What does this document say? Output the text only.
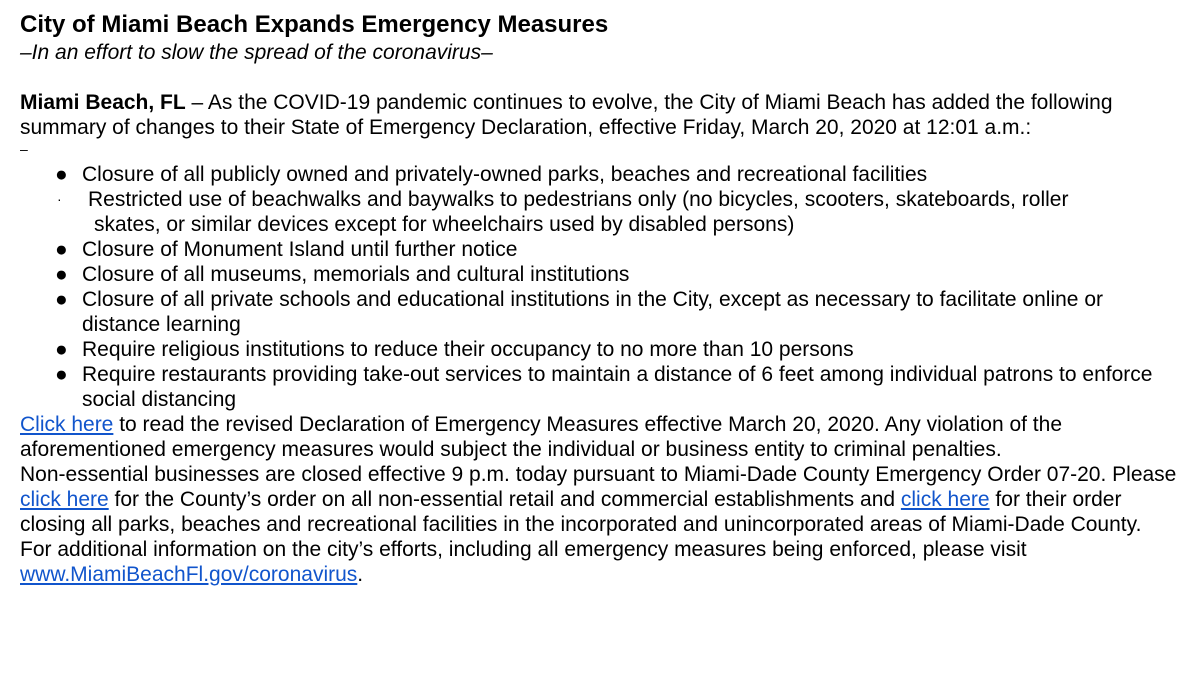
City of Miami Beach Expands Emergency Measures

–In an effort to slow the spread of the coronavirus–

Miami Beach, FL – As the COVID-19 pandemic continues to evolve, the City of Miami Beach has added the following summary of changes to their State of Emergency Declaration, effective Friday, March 20, 2020 at 12:01 a.m.:

–
● Closure of all publicly owned and privately-owned parks, beaches and recreational facilities
· Restricted use of beachwalks and baywalks to pedestrians only (no bicycles, scooters, skateboards, roller
skates, or similar devices except for wheelchairs used by disabled persons)
● Closure of Monument Island until further notice
● Closure of all museums, memorials and cultural institutions
● Closure of all private schools and educational institutions in the City, except as necessary to facilitate online or distance learning
● Require religious institutions to reduce their occupancy to no more than 10 persons
● Require restaurants providing take-out services to maintain a distance of 6 feet among individual patrons to enforce social distancing

Click here to read the revised Declaration of Emergency Measures effective March 20, 2020. Any violation of the aforementioned emergency measures would subject the individual or business entity to criminal penalties.

Non-essential businesses are closed effective 9 p.m. today pursuant to Miami-Dade County Emergency Order 07-20. Please click here for the County’s order on all non-essential retail and commercial establishments and click here for their order closing all parks, beaches and recreational facilities in the incorporated and unincorporated areas of Miami-Dade County.

For additional information on the city’s efforts, including all emergency measures being enforced, please visit www.MiamiBeachFl.gov/coronavirus.
